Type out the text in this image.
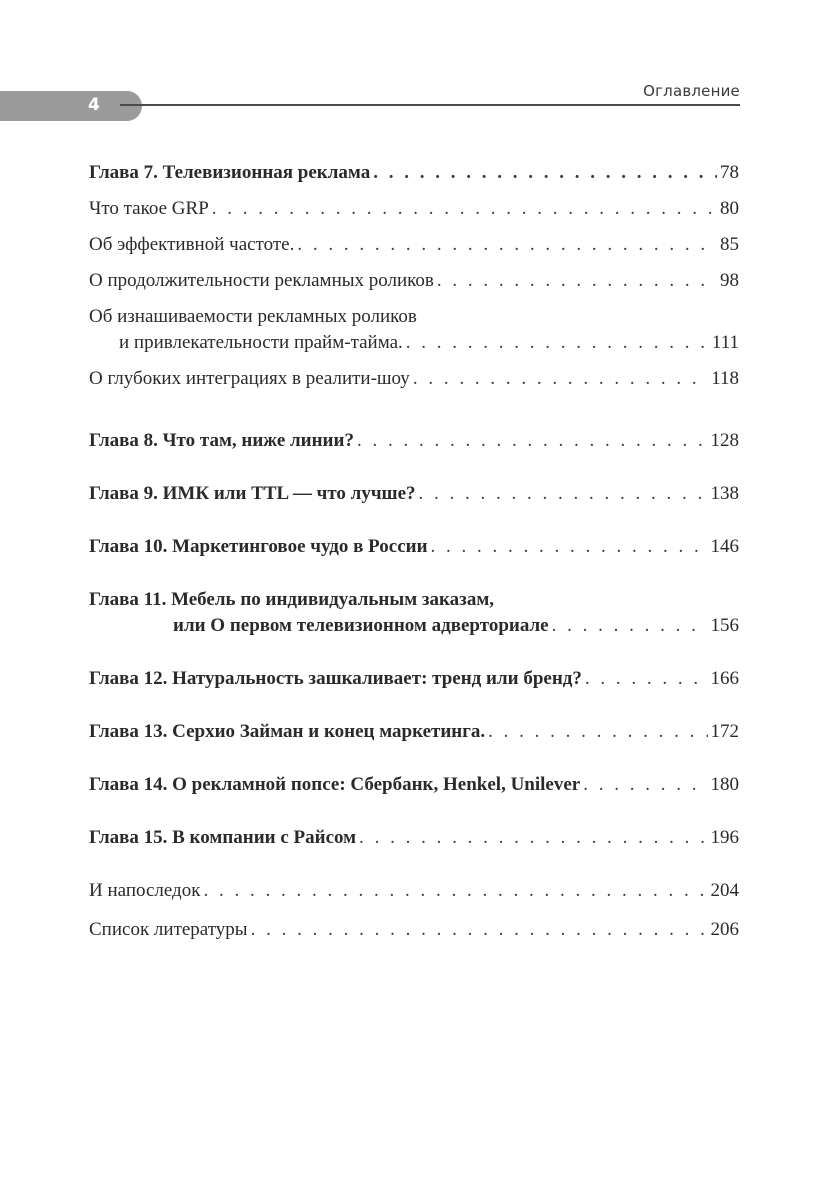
4
Оглавление
Глава 7. Телевизионная реклама . . .	78
Что такое GRP . . .	80
Об эффективной частоте. . . .	85
О продолжительности рекламных роликов . . .	98
Об изнашиваемости рекламных роликов
и привлекательности прайм-тайма. . . .	111
О глубоких интеграциях в реалити-шоу . . .	118
Глава 8. Что там, ниже линии? . . .	128
Глава 9. ИМК или TTL — что лучше? . . .	138
Глава 10. Маркетинговое чудо в России . . .	146
Глава 11. Мебель по индивидуальным заказам,
или О первом телевизионном адверториале . . .	156
Глава 12. Натуральность зашкаливает: тренд или бренд? . . .	166
Глава 13. Серхио Займан и конец маркетинга. . . .	172
Глава 14. О рекламной попсе: Сбербанк, Henkel, Unilever . . .	180
Глава 15. В компании с Райсом . . .	196
И напоследок . . .	204
Список литературы . . .	206
